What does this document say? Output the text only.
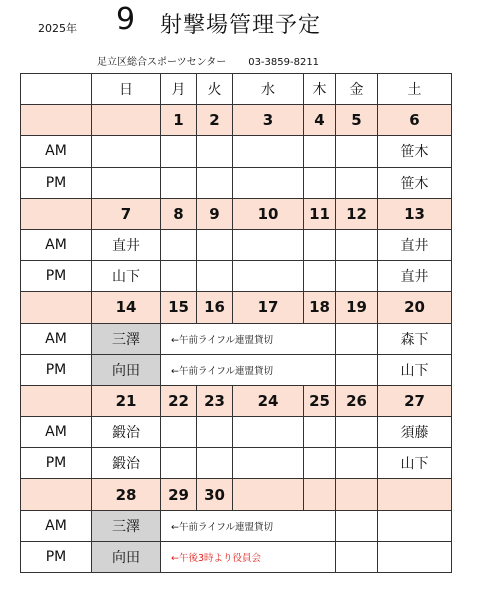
2025年 9 射撃場管理予定
足立区総合スポーツセンター 03-3859-8211
	日	月	火	水	木	金	土
		1	2	3	4	5	6
AM							笹木
PM							笹木
	7	8	9	10	11	12	13
AM	直井						直井
PM	山下						直井
	14	15	16	17	18	19	20
AM	三澤	←午前ライフル連盟貸切					森下
PM	向田	←午前ライフル連盟貸切					山下
	21	22	23	24	25	26	27
AM	鍛治						須藤
PM	鍛治						山下
	28	29	30				
AM	三澤	←午前ライフル連盟貸切					
PM	向田	←午後3時より役員会					
